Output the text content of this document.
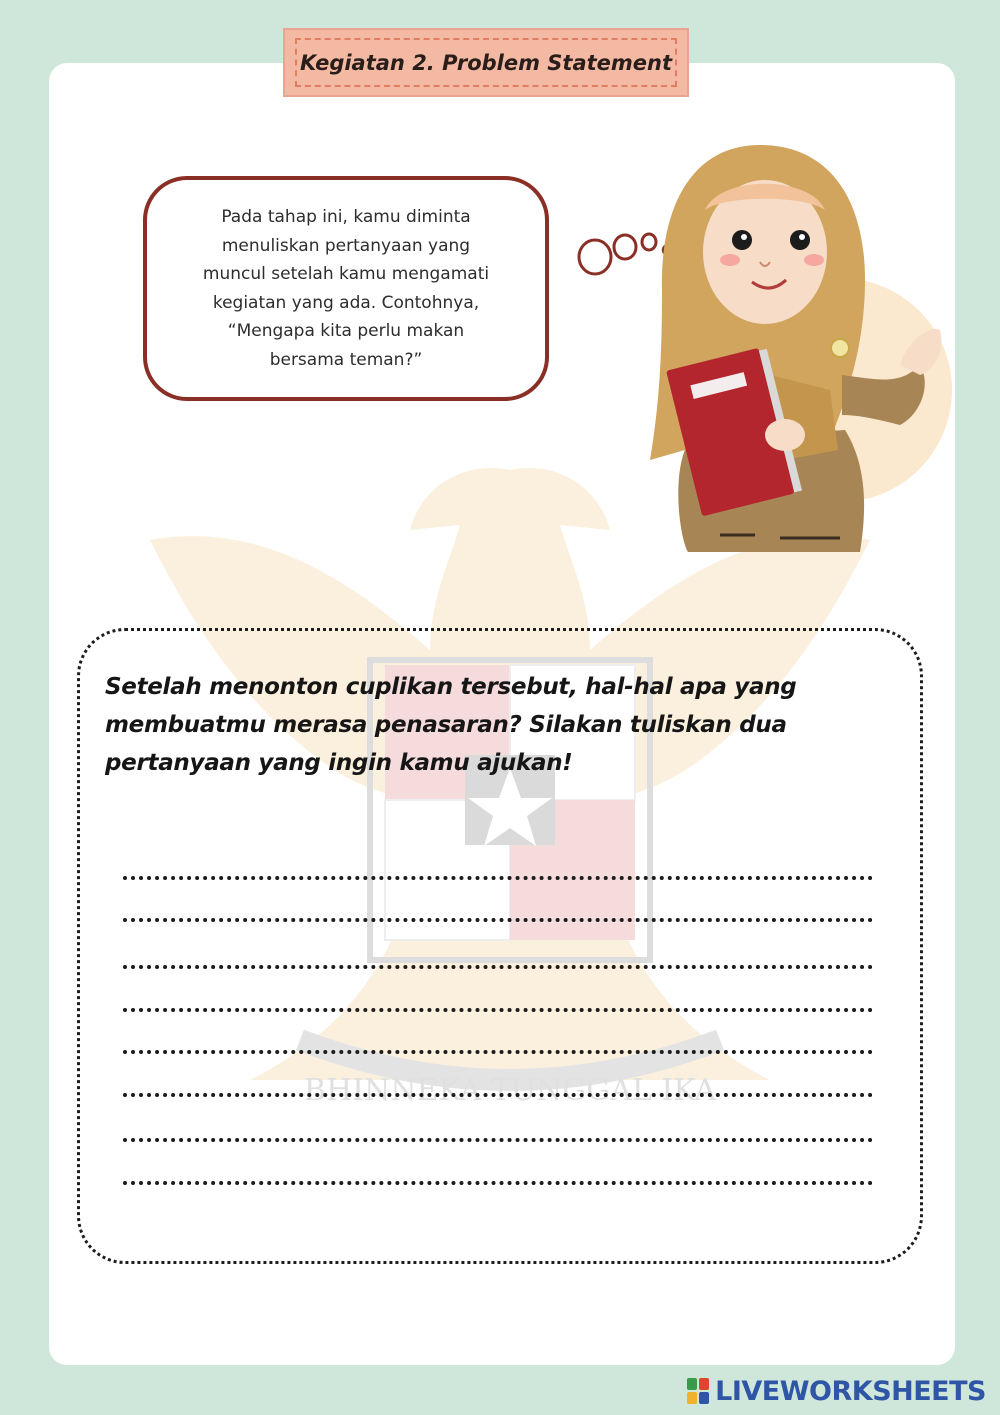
Kegiatan 2. Problem Statement
BHINNEKA TUNGGAL IKA

Pada tahap ini, kamu diminta
menuliskan pertanyaan yang
muncul setelah kamu mengamati
kegiatan yang ada. Contohnya,
“Mengapa kita perlu makan
bersama teman?”

Setelah menonton cuplikan tersebut, hal-hal apa yang membuatmu merasa penasaran? Silakan tuliskan dua pertanyaan yang ingin kamu ajukan!

LIVEWORKSHEETS
